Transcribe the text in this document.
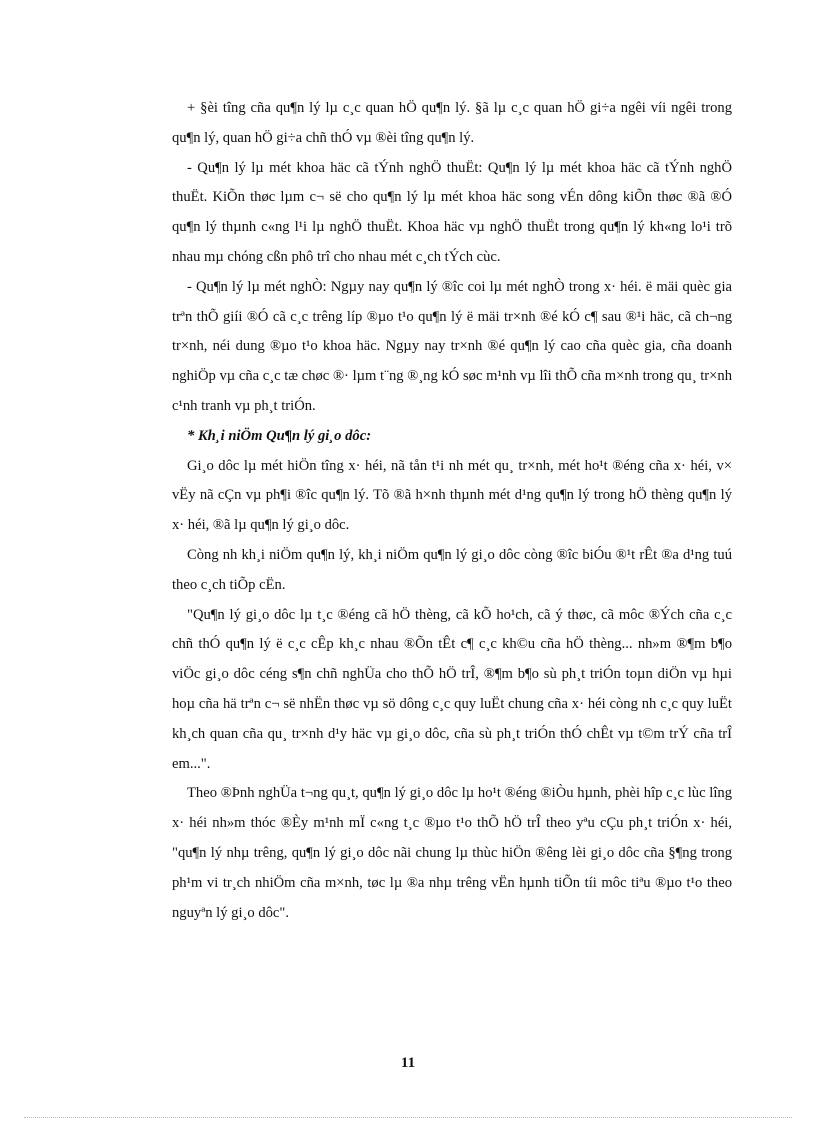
+ §èi tîng cña qu¶n lý lµ c¸c quan hÖ qu¶n lý. §ã lµ c¸c quan hÖ gi÷a ngêi víi ngêi trong qu¶n lý, quan hÖ gi÷a chñ thÓ vµ ®èi tîng qu¶n lý.

- Qu¶n lý lµ mét khoa häc cã tÝnh nghÖ thuËt: Qu¶n lý lµ mét khoa häc cã tÝnh nghÖ thuËt. KiÕn thøc lµm c¬ së cho qu¶n lý lµ mét khoa häc song vÉn dông kiÕn thøc ®ã ®Ó qu¶n lý thµnh c«ng l¹i lµ nghÖ thuËt. Khoa häc vµ nghÖ thuËt trong qu¶n lý kh«ng lo¹i trõ nhau mµ chóng cßn phô trî cho nhau mét c¸ch tÝch cùc.

- Qu¶n lý lµ mét nghÒ: Ngµy nay qu¶n lý ®îc coi lµ mét nghÒ trong x· héi. ë mäi quèc gia trªn thÕ giíi ®Ó cã c¸c trêng líp ®µo t¹o qu¶n lý ë mäi tr×nh ®é kÓ c¶ sau ®¹i häc, cã ch¬ng tr×nh, néi dung ®µo t¹o khoa häc. Ngµy nay tr×nh ®é qu¶n lý cao cña quèc gia, cña doanh nghiÖp vµ cña c¸c tæ chøc ®· lµm t¨ng ®¸ng kÓ søc m¹nh vµ lîi thÕ cña m×nh trong qu¸ tr×nh c¹nh tranh vµ ph¸t triÓn.

* Kh¸i niÖm Qu¶n lý gi¸o dôc:

Gi¸o dôc lµ mét hiÖn tîng x· héi, nã tån t¹i nh mét qu¸ tr×nh, mét ho¹t ®éng cña x· héi, v× vËy nã cÇn vµ ph¶i ®îc qu¶n lý. Tõ ®ã h×nh thµnh mét d¹ng qu¶n lý trong hÖ thèng qu¶n lý x· héi, ®ã lµ qu¶n lý gi¸o dôc.

Còng nh kh¸i niÖm qu¶n lý, kh¸i niÖm qu¶n lý gi¸o dôc còng ®îc biÓu ®¹t rÊt ®a d¹ng tuú theo c¸ch tiÕp cËn.

"Qu¶n lý gi¸o dôc lµ t¸c ®éng cã hÖ thèng, cã kÕ ho¹ch, cã ý thøc, cã môc ®Ých cña c¸c chñ thÓ qu¶n lý ë c¸c cÊp kh¸c nhau ®Õn tÊt c¶ c¸c kh©u cña hÖ thèng... nh»m ®¶m b¶o viÖc gi¸o dôc céng s¶n chñ nghÜa cho thÕ hÖ trÎ, ®¶m b¶o sù ph¸t triÓn toµn diÖn vµ hµi hoµ cña hä trªn c¬ së nhËn thøc vµ sö dông c¸c quy luËt chung cña x· héi còng nh c¸c quy luËt kh¸ch quan cña qu¸ tr×nh d¹y häc vµ gi¸o dôc, cña sù ph¸t triÓn thÓ chÊt vµ t©m trÝ cña trÎ em...".

Theo ®Þnh nghÜa t¬ng qu¸t, qu¶n lý gi¸o dôc lµ ho¹t ®éng ®iÒu hµnh, phèi hîp c¸c lùc lîng x· héi nh»m thóc ®Èy m¹nh mÏ c«ng t¸c ®µo t¹o thÕ hÖ trÎ theo yªu cÇu ph¸t triÓn x· héi, "qu¶n lý nhµ trêng, qu¶n lý gi¸o dôc nãi chung lµ thùc hiÖn ®êng lèi gi¸o dôc cña §¶ng trong ph¹m vi tr¸ch nhiÖm cña m×nh, tøc lµ ®a nhµ trêng vËn hµnh tiÕn tíi môc tiªu ®µo t¹o theo nguyªn lý gi¸o dôc".

11
